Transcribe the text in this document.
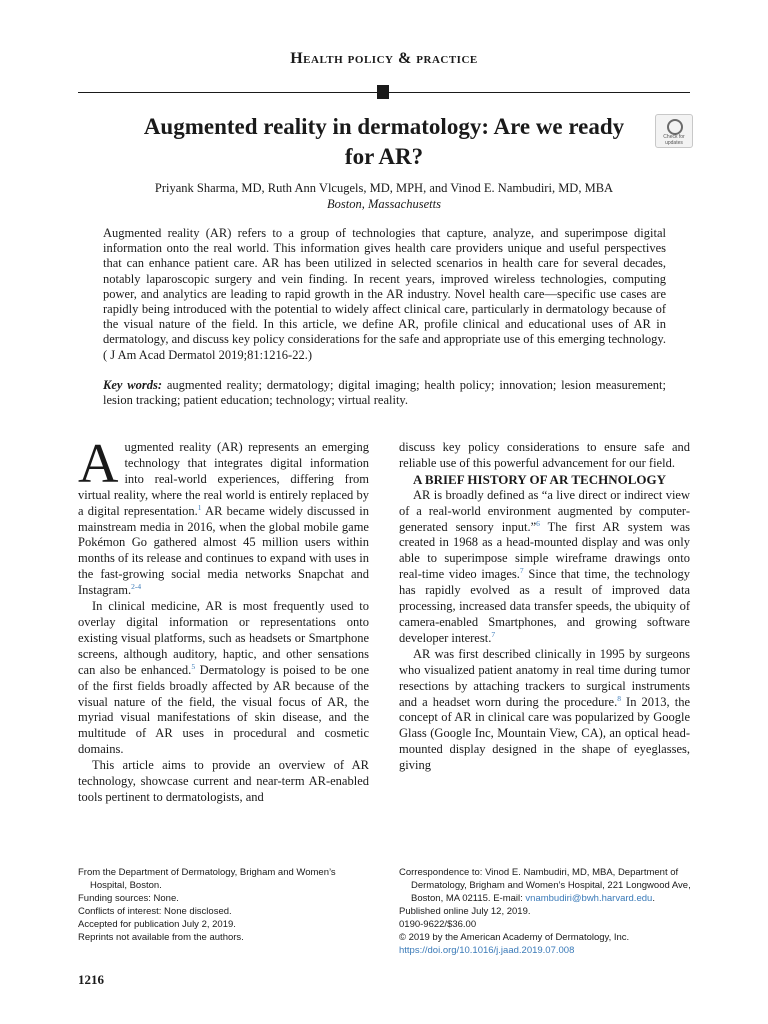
Health policy & practice
Augmented reality in dermatology: Are we ready for AR?
Check for updates
Priyank Sharma, MD, Ruth Ann Vlcugels, MD, MPH, and Vinod E. Nambudiri, MD, MBA
Boston, Massachusetts
Augmented reality (AR) refers to a group of technologies that capture, analyze, and superimpose digital information onto the real world. This information gives health care providers unique and useful perspectives that can enhance patient care. AR has been utilized in selected scenarios in health care for several decades, notably laparoscopic surgery and vein finding. In recent years, improved wireless technologies, computing power, and analytics are leading to rapid growth in the AR industry. Novel health care—specific use cases are rapidly being introduced with the potential to widely affect clinical care, particularly in dermatology because of the visual nature of the field. In this article, we define AR, profile clinical and educational uses of AR in dermatology, and discuss key policy considerations for the safe and appropriate use of this emerging technology. ( J Am Acad Dermatol 2019;81:1216-22.)
Key words: augmented reality; dermatology; digital imaging; health policy; innovation; lesion measurement; lesion tracking; patient education; technology; virtual reality.

Augmented reality (AR) represents an emerging technology that integrates digital information into real-world experiences, differing from virtual reality, where the real world is entirely replaced by a digital representation.$^1$ AR became widely discussed in mainstream media in 2016, when the global mobile game Pokémon Go gathered almost 45 million users within months of its release and continues to expand with uses in the fast-growing social media networks Snapchat and Instagram.$^{2-4}$

In clinical medicine, AR is most frequently used to overlay digital information or representations onto existing visual platforms, such as headsets or Smartphone screens, although auditory, haptic, and other sensations can also be enhanced.$^5$ Dermatology is poised to be one of the first fields broadly affected by AR because of the visual nature of the field, the visual focus of AR, the myriad visual manifestations of skin disease, and the multitude of AR uses in procedural and cosmetic domains.

This article aims to provide an overview of AR technology, showcase current and near-term AR-enabled tools pertinent to dermatologists, and

discuss key policy considerations to ensure safe and reliable use of this powerful advancement for our field.

A BRIEF HISTORY OF AR TECHNOLOGY

AR is broadly defined as “a live direct or indirect view of a real-world environment augmented by computer-generated sensory input.”$^6$ The first AR system was created in 1968 as a head-mounted display and was only able to superimpose simple wireframe drawings onto real-time video images.$^7$ Since that time, the technology has rapidly evolved as a result of improved data processing, increased data transfer speeds, the ubiquity of camera-enabled Smartphones, and growing software developer interest.$^7$

AR was first described clinically in 1995 by surgeons who visualized patient anatomy in real time during tumor resections by attaching trackers to surgical instruments and a headset worn during the procedure.$^8$ In 2013, the concept of AR in clinical care was popularized by Google Glass (Google Inc, Mountain View, CA), an optical head-mounted display designed in the shape of eyeglasses, giving

From the Department of Dermatology, Brigham and Women’s Hospital, Boston.
Funding sources: None.
Conflicts of interest: None disclosed.
Accepted for publication July 2, 2019.
Reprints not available from the authors.
Correspondence to: Vinod E. Nambudiri, MD, MBA, Department of Dermatology, Brigham and Women’s Hospital, 221 Longwood Ave, Boston, MA 02115. E-mail: vnambudiri@bwh.harvard.edu.
Published online July 12, 2019.
0190-9622/$36.00
© 2019 by the American Academy of Dermatology, Inc.
https://doi.org/10.1016/j.jaad.2019.07.008
1216
